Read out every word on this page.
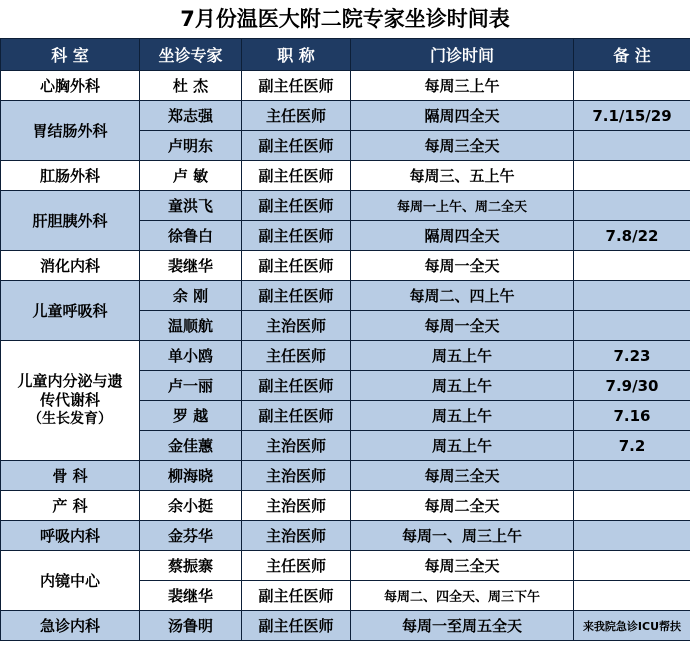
7月份温医大附二院专家坐诊时间表
科 室	坐诊专家	职 称	门诊时间	备 注
心胸外科	杜 杰	副主任医师	每周三上午	
胃结肠外科	郑志强	主任医师	隔周四全天	7.1/15/29
	卢明东	副主任医师	每周三全天	
肛肠外科	卢 敏	副主任医师	每周三、五上午	
肝胆胰外科	童洪飞	副主任医师	每周一上午、周二全天	
	徐鲁白	副主任医师	隔周四全天	7.8/22
消化内科	裴继华	副主任医师	每周一全天	
儿童呼吸科	余 刚	副主任医师	每周二、四上午	
	温顺航	主治医师	每周一全天	

儿童内分泌与遗
传代谢科
（生长发育）	单小鸥	主任医师	周五上午	7.23
	卢一丽	副主任医师	周五上午	7.9/30
	罗 越	副主任医师	周五上午	7.16
	金佳蕙	主治医师	周五上午	7.2
骨 科	柳海晓	主治医师	每周三全天	
产 科	余小挺	主治医师	每周二全天	
呼吸内科	金芬华	主治医师	每周一、周三上午	
内镜中心	蔡振寨	主任医师	每周三全天	
	裴继华	副主任医师	每周二、四全天、周三下午	
急诊内科	汤鲁明	副主任医师	每周一至周五全天	来我院急诊ICU帮扶
